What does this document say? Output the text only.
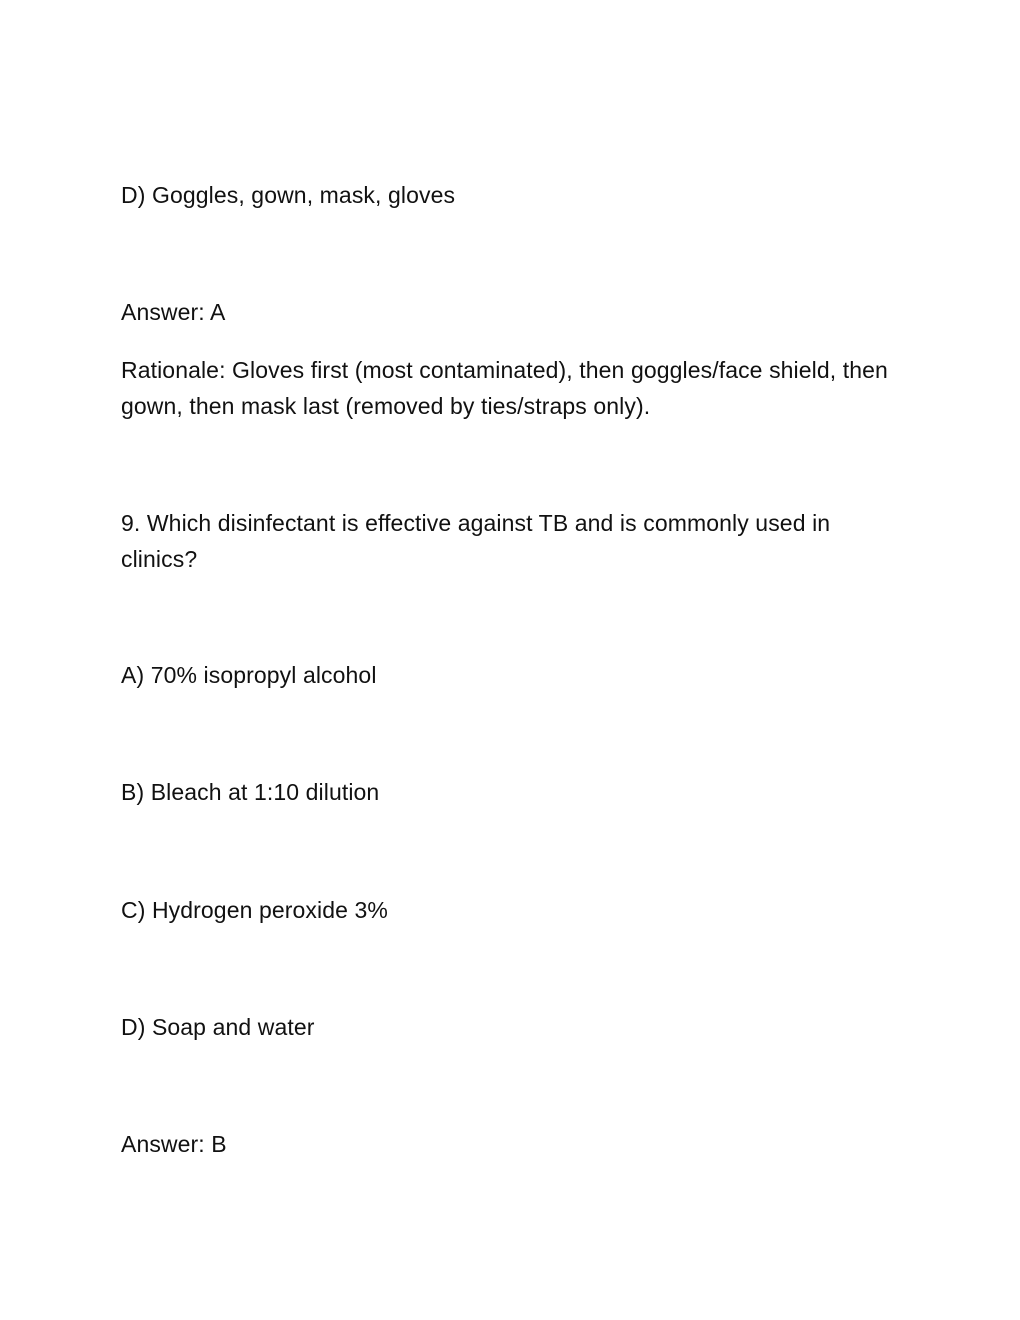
D) Goggles, gown, mask, gloves
Answer: A
Rationale: Gloves first (most contaminated), then goggles/face shield, then gown, then mask last (removed by ties/straps only).
9. Which disinfectant is effective against TB and is commonly used in clinics?
A) 70% isopropyl alcohol
B) Bleach at 1:10 dilution
C) Hydrogen peroxide 3%
D) Soap and water
Answer: B
